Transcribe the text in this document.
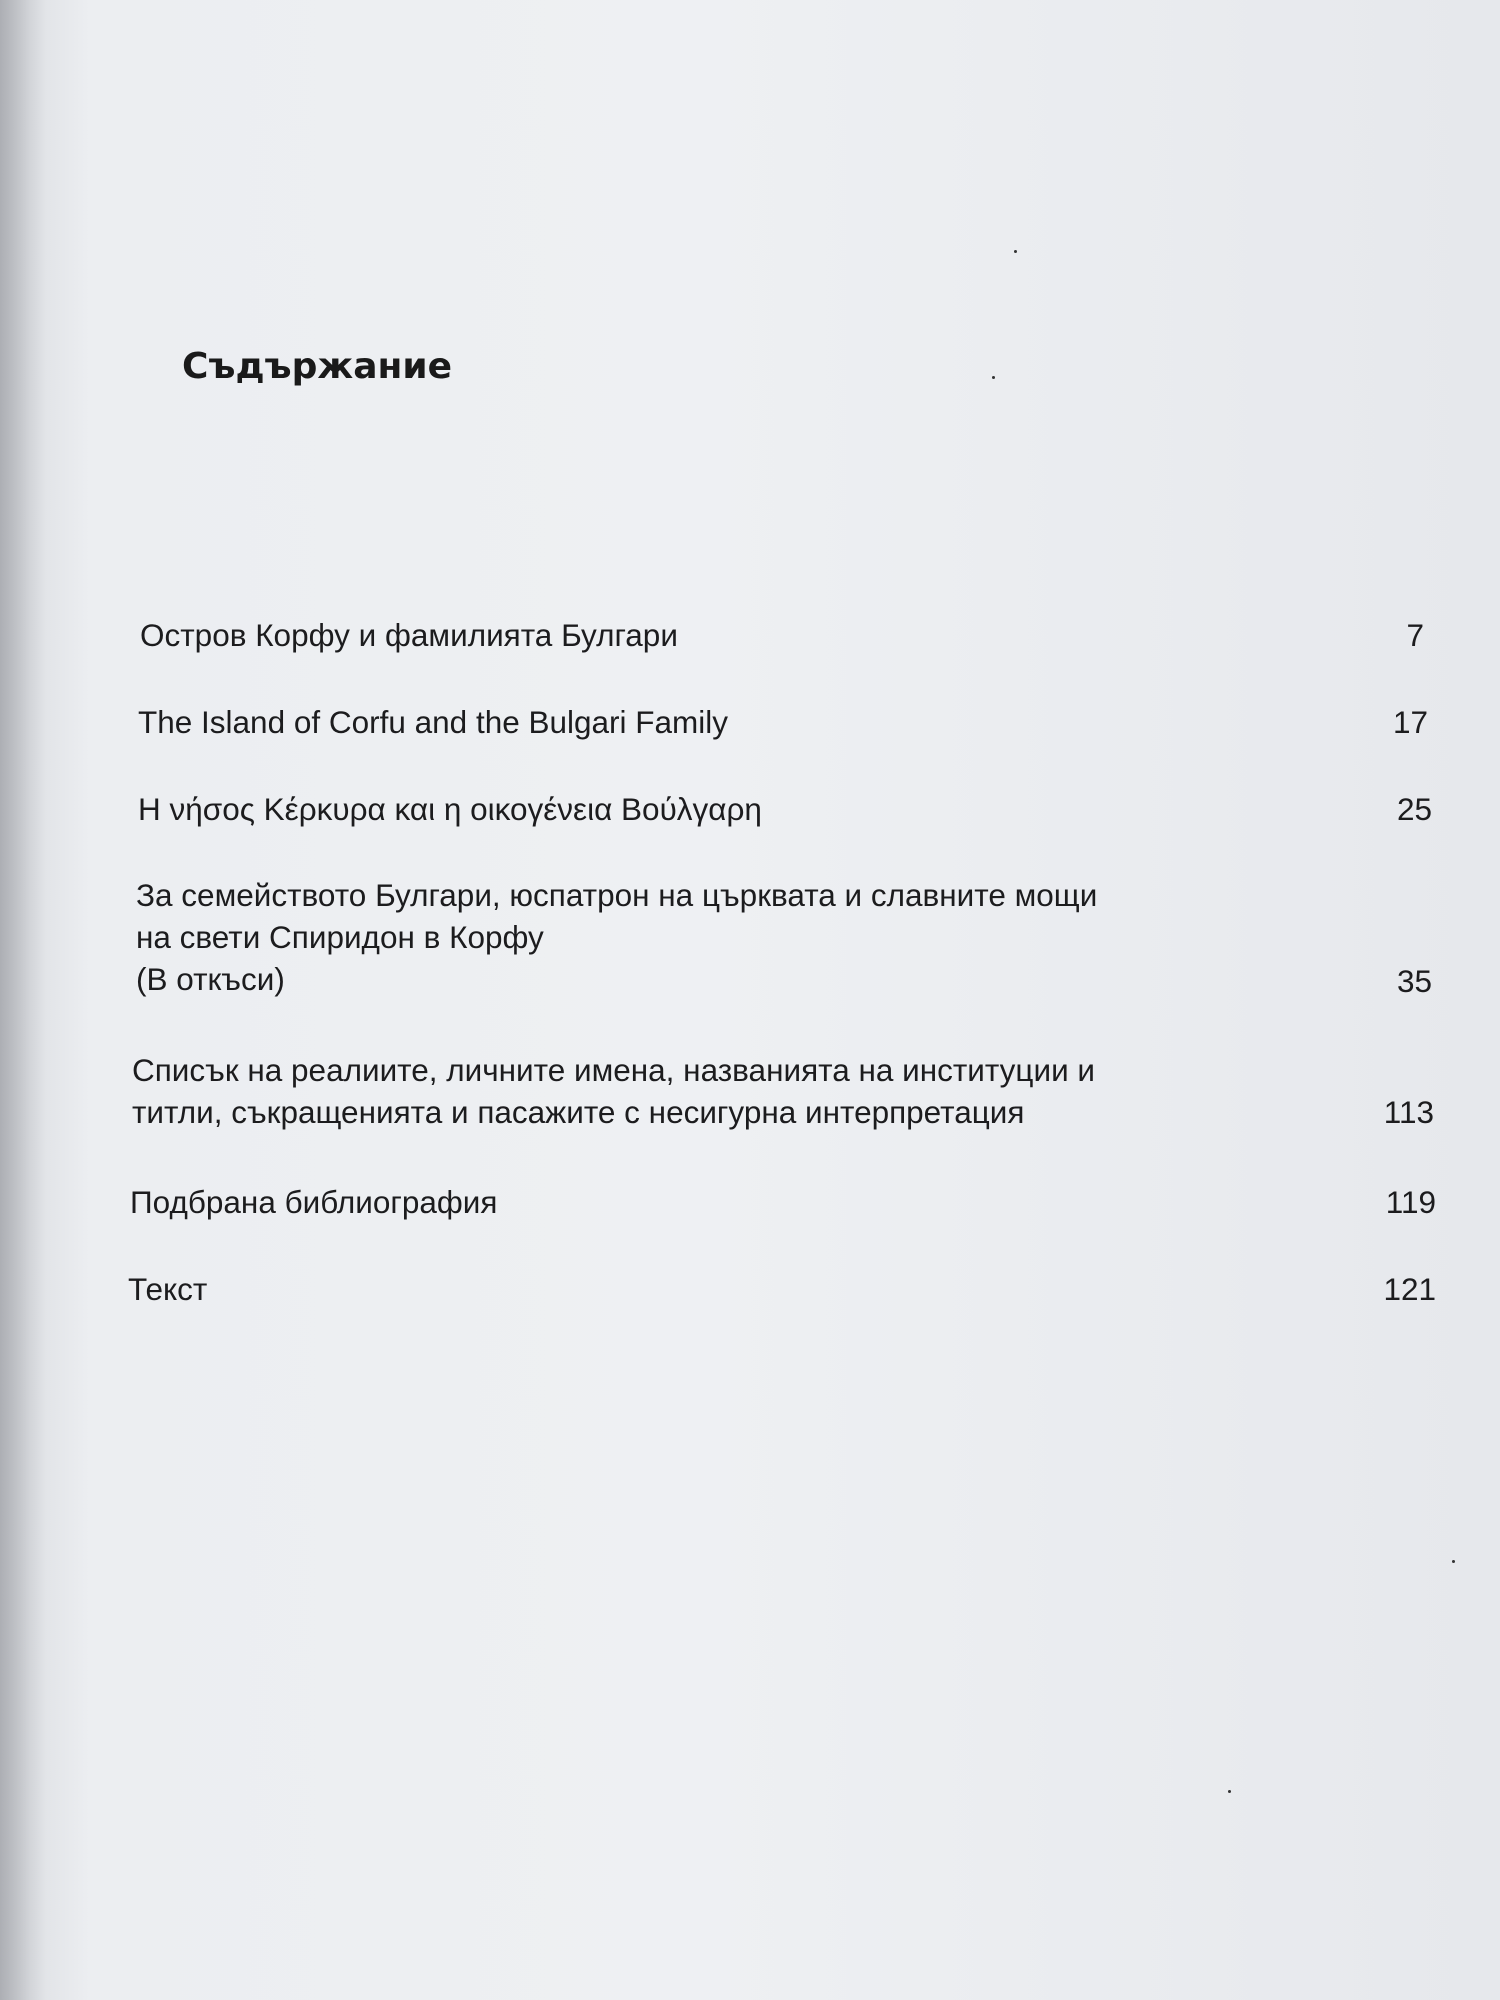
Съдържание
Остров Корфу и фамилията Булгари	7
The Island of Corfu and the Bulgari Family	17
Η νήσος Κέρκυρα και η οικογένεια Βούλγαρη	25
За семейството Булгари, юспатрон на църквата и славните мощи
на свети Спиридон в Корфу
(В откъси)	35
Списък на реалиите, личните имена, названията на институции и
титли, съкращенията и пасажите с несигурна интерпретация	113
Подбрана библиография	119
Текст	121
